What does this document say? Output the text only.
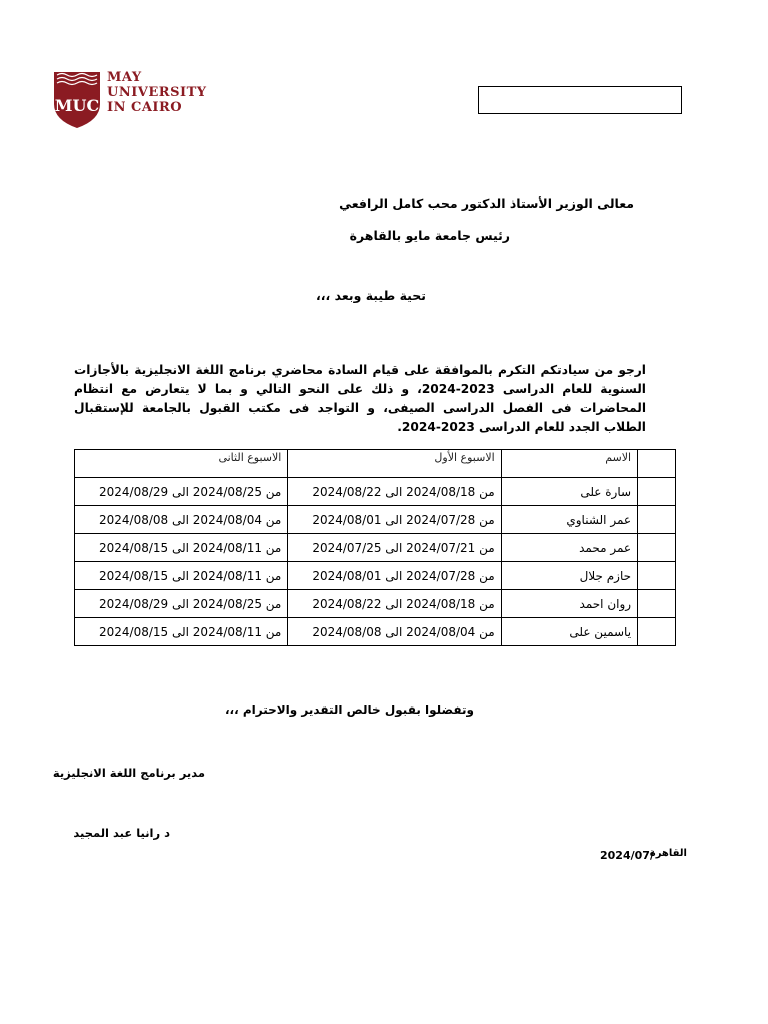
MUC
MAY
UNIVERSITY
IN CAIRO
معالى الوزير الأستاذ الدكتور محب كامل الرافعي
رئيس جامعة مايو بالقاهرة
تحية طيبة وبعد ،،،
ارجو من سيادتكم التكرم بالموافقة على قيام السادة محاضري برنامج اللغة الانجليزية بالأجازات السنوية للعام الدراسى 2023-2024، و ذلك على النحو التالي و بما لا يتعارض مع انتظام المحاضرات فى الفصل الدراسى الصيفى، و التواجد فى مكتب القبول بالجامعة للإستقبال الطلاب الجدد للعام الدراسى 2023-2024.
	الاسم	الاسبوع الأول	الاسبوع الثانى
	سارة على	من 2024/08/18 الى 2024/08/22	من 2024/08/25 الى 2024/08/29
	عمر الشناوي	من 2024/07/28 الى 2024/08/01	من 2024/08/04 الى 2024/08/08
	عمر محمد	من 2024/07/21 الى 2024/07/25	من 2024/08/11 الى 2024/08/15
	حازم جلال	من 2024/07/28 الى 2024/08/01	من 2024/08/11 الى 2024/08/15
	روان احمد	من 2024/08/18 الى 2024/08/22	من 2024/08/25 الى 2024/08/29
	ياسمين على	من 2024/08/04 الى 2024/08/08	من 2024/08/11 الى 2024/08/15
وتفضلوا بقبول خالص التقدير والاحترام ،،،
مدير برنامج اللغة الانجليزية
د رانيا عبد المجيد
القاهرة
2024/07/
